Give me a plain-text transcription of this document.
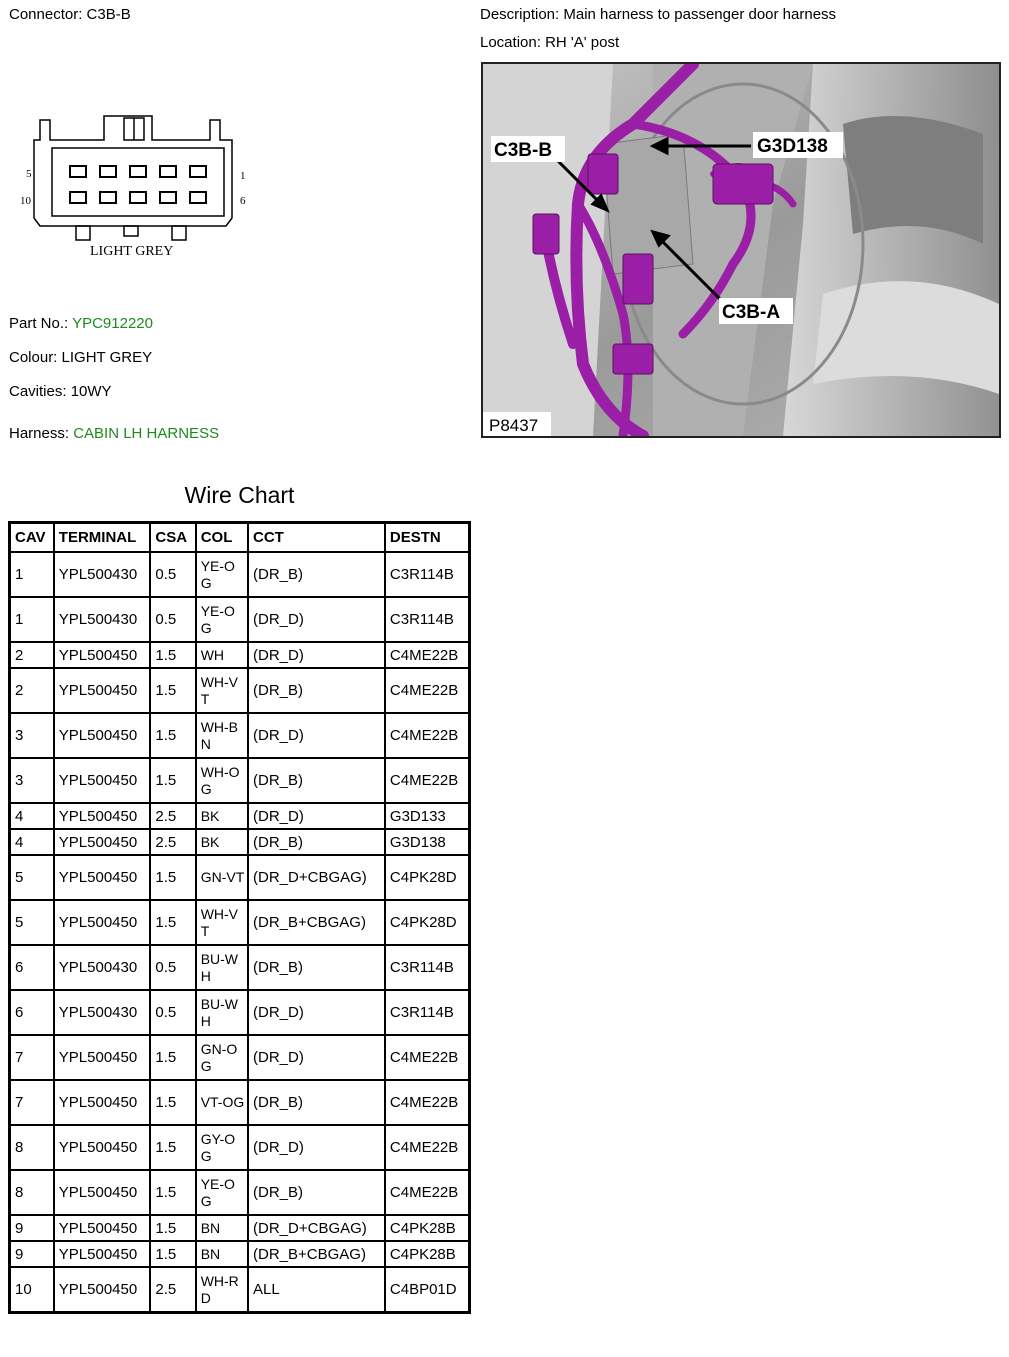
Connector: C3B-B	Description: Main harness to passenger door harness
Location: RH 'A' post
5
10
1
6
LIGHT GREY
C3B-B	G3D138
C3B-A
P8437
Part No.: YPC912220
Colour: LIGHT GREY
Cavities: 10WY
Harness: CABIN LH HARNESS
Wire Chart
CAV	TERMINAL	CSA	COL	CCT	DESTN
1	YPL500430	0.5	YE-OG	(DR_B)	C3R114B
1	YPL500430	0.5	YE-OG	(DR_D)	C3R114B
2	YPL500450	1.5	WH	(DR_D)	C4ME22B
2	YPL500450	1.5	WH-VT	(DR_B)	C4ME22B
3	YPL500450	1.5	WH-BN	(DR_D)	C4ME22B
3	YPL500450	1.5	WH-OG	(DR_B)	C4ME22B
4	YPL500450	2.5	BK	(DR_D)	G3D133
4	YPL500450	2.5	BK	(DR_B)	G3D138
5	YPL500450	1.5	GN-VT	(DR_D+CBGAG)	C4PK28D
5	YPL500450	1.5	WH-VT	(DR_B+CBGAG)	C4PK28D
6	YPL500430	0.5	BU-WH	(DR_B)	C3R114B
6	YPL500430	0.5	BU-WH	(DR_D)	C3R114B
7	YPL500450	1.5	GN-OG	(DR_D)	C4ME22B
7	YPL500450	1.5	VT-OG	(DR_B)	C4ME22B
8	YPL500450	1.5	GY-OG	(DR_D)	C4ME22B
8	YPL500450	1.5	YE-OG	(DR_B)	C4ME22B
9	YPL500450	1.5	BN	(DR_D+CBGAG)	C4PK28B
9	YPL500450	1.5	BN	(DR_B+CBGAG)	C4PK28B
10	YPL500450	2.5	WH-RD	ALL	C4BP01D
